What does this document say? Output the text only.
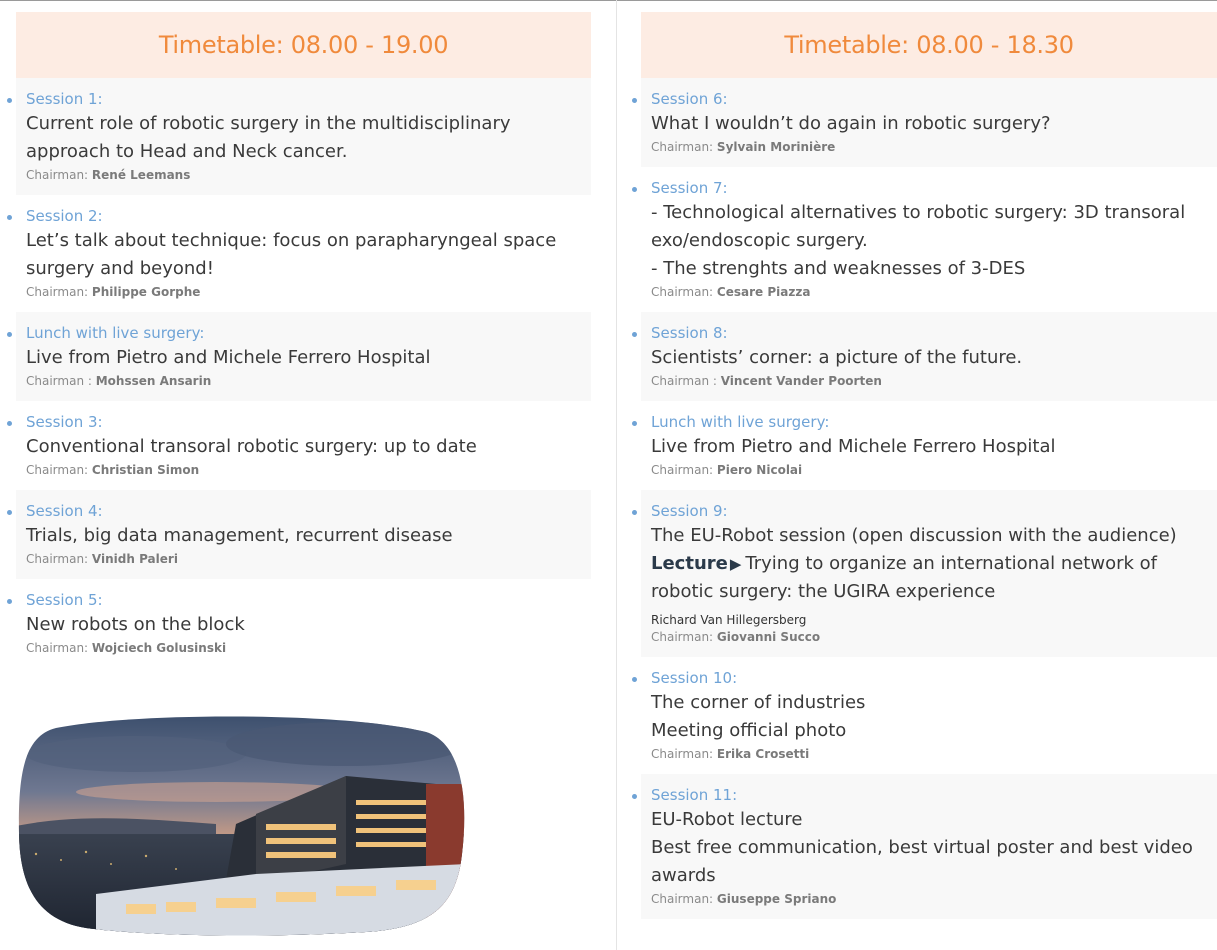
Timetable: 08.00 - 19.00
Session 1:
Current role of robotic surgery in the multidisciplinary
approach to Head and Neck cancer.
Chairman: René Leemans
Session 2:
Let’s talk about technique: focus on parapharyngeal space
surgery and beyond!
Chairman: Philippe Gorphe
Lunch with live surgery:
Live from Pietro and Michele Ferrero Hospital
Chairman : Mohssen Ansarin
Session 3:
Conventional transoral robotic surgery: up to date
Chairman: Christian Simon
Session 4:
Trials, big data management, recurrent disease
Chairman: Vinidh Paleri
Session 5:
New robots on the block
Chairman: Wojciech Golusinski
Timetable: 08.00 - 18.30
Session 6:
What I wouldn’t do again in robotic surgery?
Chairman: Sylvain Morinière
Session 7:
- Technological alternatives to robotic surgery: 3D transoral
exo/endoscopic surgery.
- The strenghts and weaknesses of 3-DES
Chairman: Cesare Piazza
Session 8:
Scientists’ corner: a picture of the future.
Chairman : Vincent Vander Poorten
Lunch with live surgery:
Live from Pietro and Michele Ferrero Hospital
Chairman: Piero Nicolai
Session 9:
The EU-Robot session (open discussion with the audience)
Lecture ▶ Trying to organize an international network of
robotic surgery: the UGIRA experience
Richard Van Hillegersberg
Chairman: Giovanni Succo
Session 10:
The corner of industries
Meeting official photo
Chairman: Erika Crosetti
Session 11:
EU-Robot lecture
Best free communication, best virtual poster and best video
awards
Chairman: Giuseppe Spriano
